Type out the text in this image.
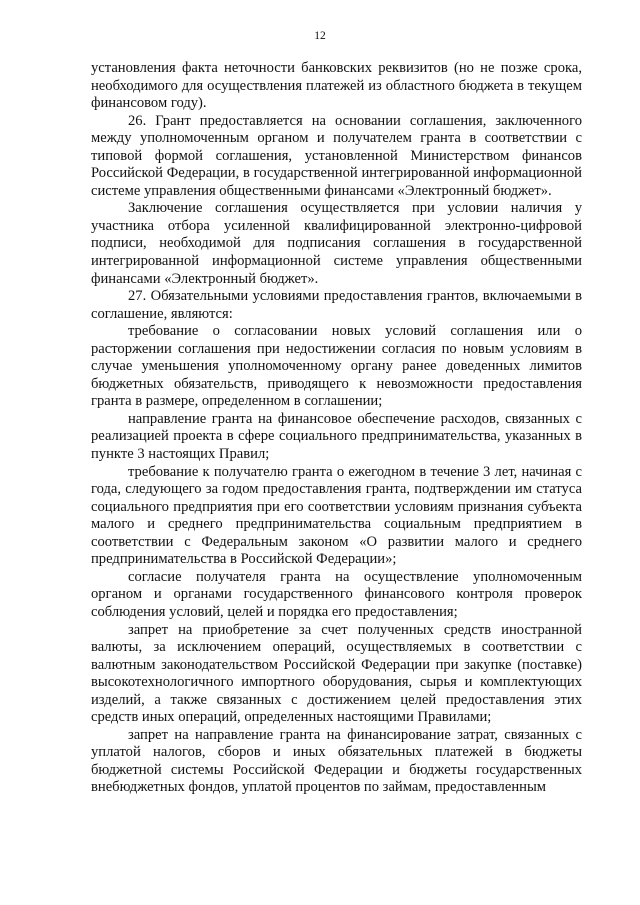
12

установления факта неточности банковских реквизитов (но не позже срока, необходимого для осуществления платежей из областного бюджета в текущем финансовом году).

26. Грант предоставляется на основании соглашения, заключенного между уполномоченным органом и получателем гранта в соответствии с типовой формой соглашения, установленной Министерством финансов Российской Федерации, в государственной интегрированной информационной системе управления общественными финансами «Электронный бюджет».

Заключение соглашения осуществляется при условии наличия у участника отбора усиленной квалифицированной электронно-цифровой подписи, необходимой для подписания соглашения в государственной интегрированной информационной системе управления общественными финансами «Электронный бюджет».

27. Обязательными условиями предоставления грантов, включаемыми в соглашение, являются:

требование о согласовании новых условий соглашения или о расторжении соглашения при недостижении согласия по новым условиям в случае уменьшения уполномоченному органу ранее доведенных лимитов бюджетных обязательств, приводящего к невозможности предоставления гранта в размере, определенном в соглашении;

направление гранта на финансовое обеспечение расходов, связанных с реализацией проекта в сфере социального предпринимательства, указанных в пункте 3 настоящих Правил;

требование к получателю гранта о ежегодном в течение 3 лет, начиная с года, следующего за годом предоставления гранта, подтверждении им статуса социального предприятия при его соответствии условиям признания субъекта малого и среднего предпринимательства социальным предприятием в соответствии с Федеральным законом «О развитии малого и среднего предпринимательства в Российской Федерации»;

согласие получателя гранта на осуществление уполномоченным органом и органами государственного финансового контроля проверок соблюдения условий, целей и порядка его предоставления;

запрет на приобретение за счет полученных средств иностранной валюты, за исключением операций, осуществляемых в соответствии с валютным законодательством Российской Федерации при закупке (поставке) высокотехнологичного импортного оборудования, сырья и комплектующих изделий, а также связанных с достижением целей предоставления этих средств иных операций, определенных настоящими Правилами;

запрет на направление гранта на финансирование затрат, связанных с уплатой налогов, сборов и иных обязательных платежей в бюджеты бюджетной системы Российской Федерации и бюджеты государственных внебюджетных фондов, уплатой процентов по займам, предоставленным
